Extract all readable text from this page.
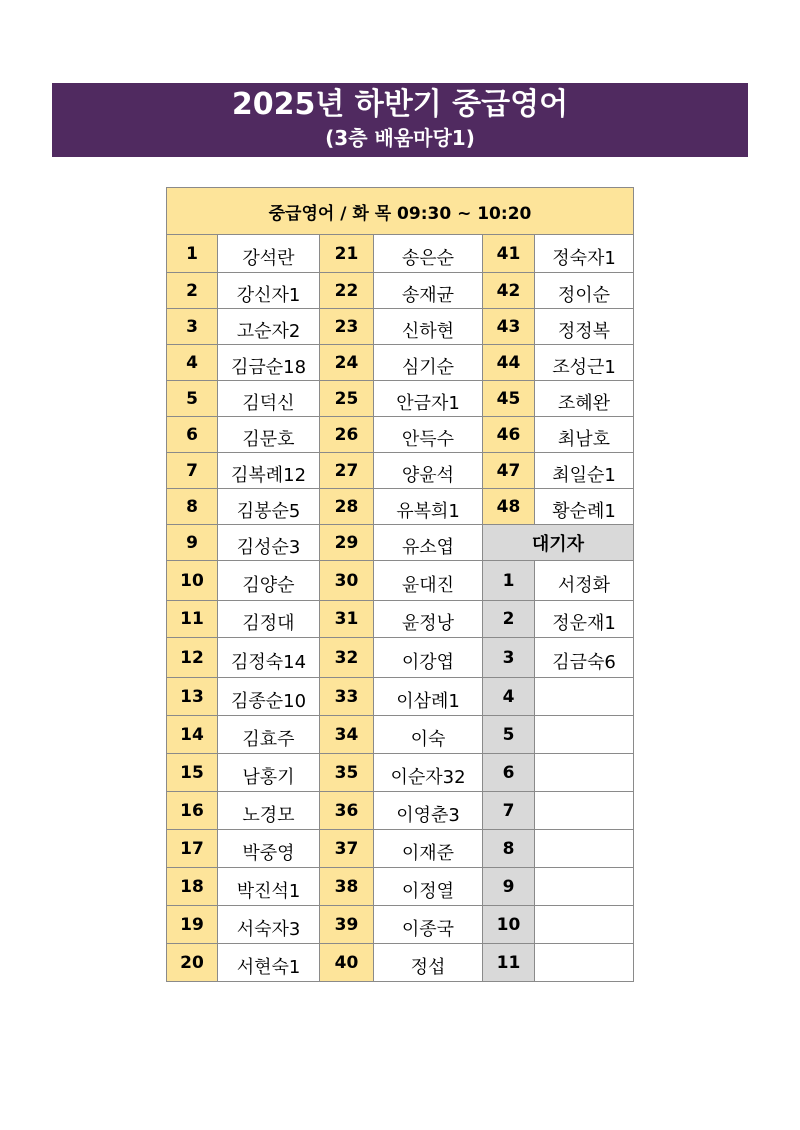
2025년 하반기 중급영어
(3층 배움마당1)
중급영어 / 화 목 09:30 ~ 10:20					
1	강석란	21	송은순	41	정숙자1
2	강신자1	22	송재균	42	정이순
3	고순자2	23	신하현	43	정정복
4	김금순18	24	심기순	44	조성근1
5	김덕신	25	안금자1	45	조혜완
6	김문호	26	안득수	46	최남호
7	김복례12	27	양윤석	47	최일순1
8	김봉순5	28	유복희1	48	황순례1
9	김성순3	29	유소엽	대기자	
10	김양순	30	윤대진	1	서정화
11	김정대	31	윤정낭	2	정운재1
12	김정숙14	32	이강엽	3	김금숙6
13	김종순10	33	이삼례1	4	
14	김효주	34	이숙	5	
15	남홍기	35	이순자32	6	
16	노경모	36	이영춘3	7	
17	박중영	37	이재준	8	
18	박진석1	38	이정열	9	
19	서숙자3	39	이종국	10	
20	서현숙1	40	정섭	11	
